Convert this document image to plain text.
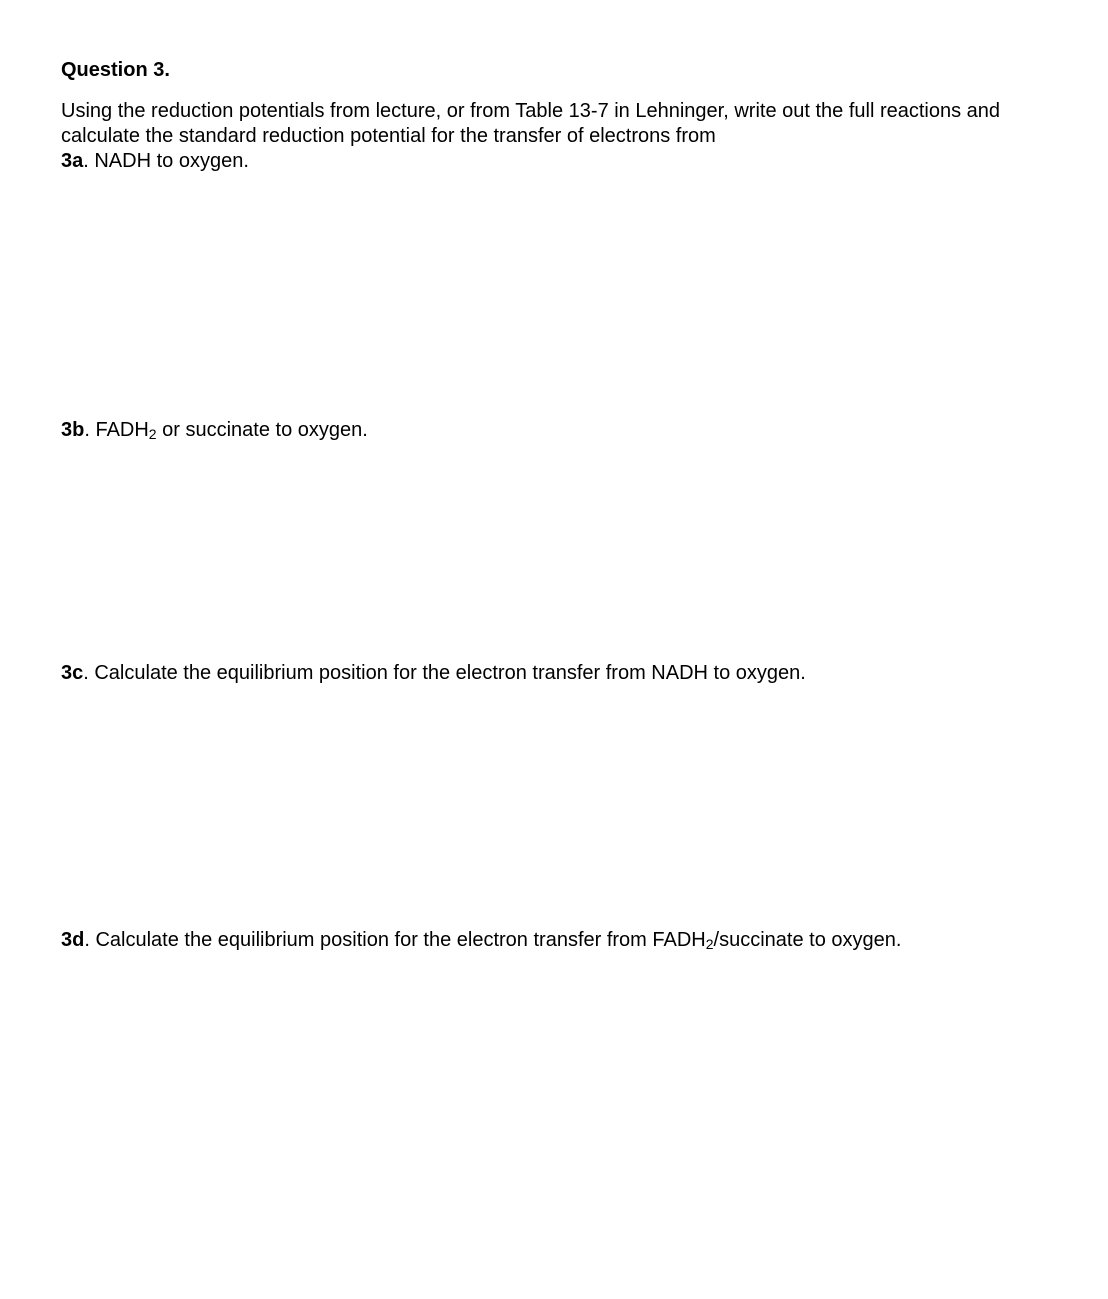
Question 3.
Using the reduction potentials from lecture, or from Table 13-7 in Lehninger, write out the full reactions and
calculate the standard reduction potential for the transfer of electrons from
3a. NADH to oxygen.
3b. $FADH_2$ or succinate to oxygen.
3c. Calculate the equilibrium position for the electron transfer from NADH to oxygen.
3d. Calculate the equilibrium position for the electron transfer from $FADH_2$/succinate to oxygen.
